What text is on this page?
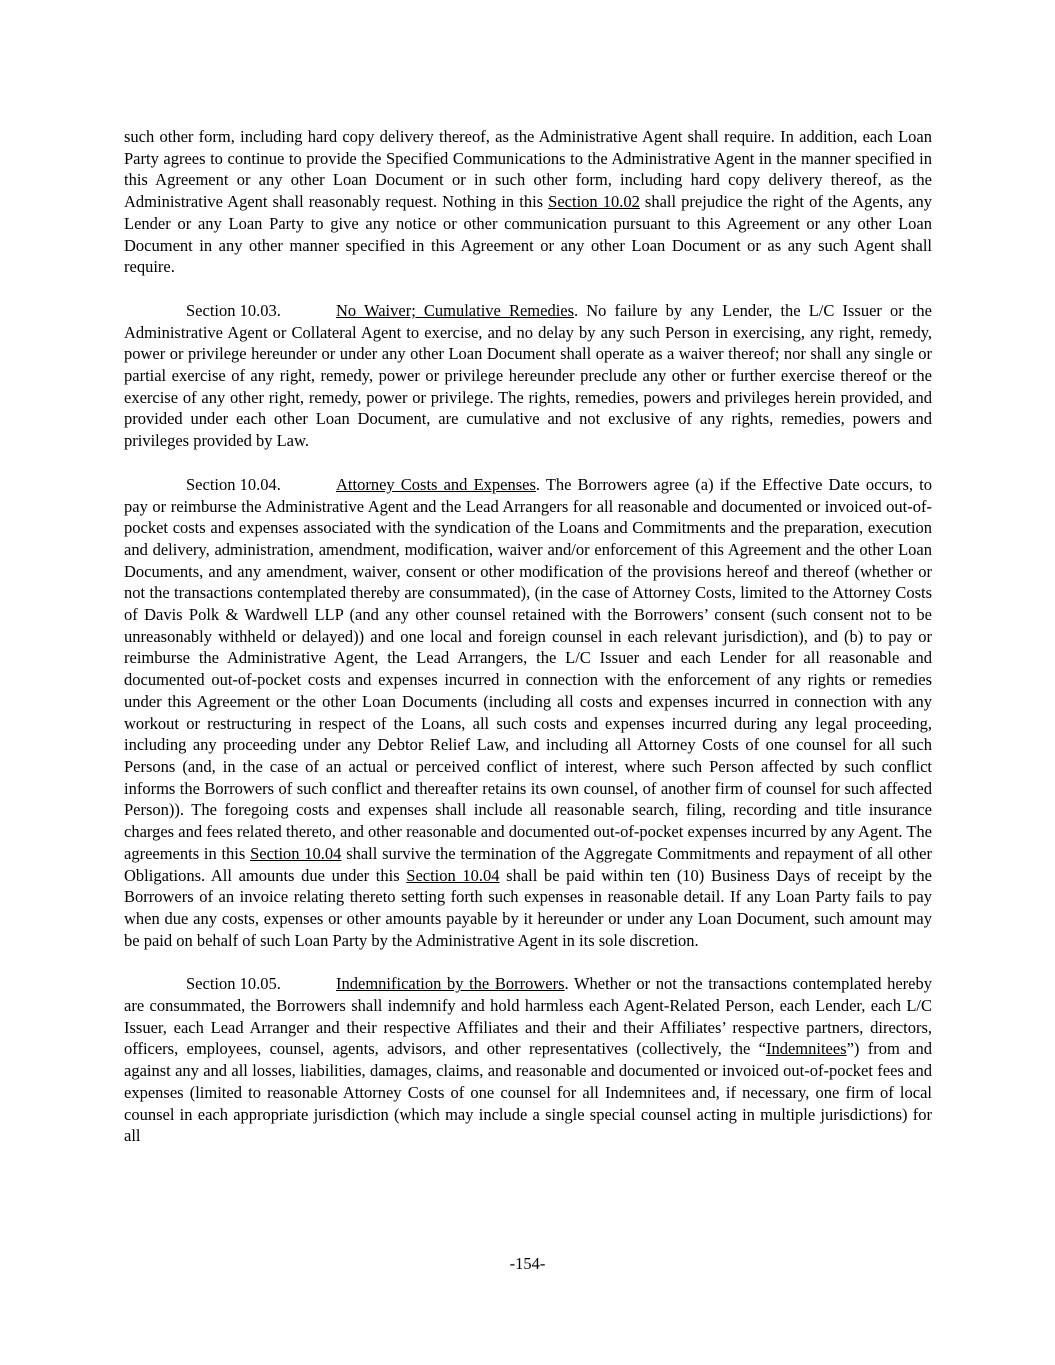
such other form, including hard copy delivery thereof, as the Administrative Agent shall require. In addition, each Loan Party agrees to continue to provide the Specified Communications to the Administrative Agent in the manner specified in this Agreement or any other Loan Document or in such other form, including hard copy delivery thereof, as the Administrative Agent shall reasonably request. Nothing in this Section 10.02 shall prejudice the right of the Agents, any Lender or any Loan Party to give any notice or other communication pursuant to this Agreement or any other Loan Document in any other manner specified in this Agreement or any other Loan Document or as any such Agent shall require.

Section 10.03.	No Waiver; Cumulative Remedies. No failure by any Lender, the L/C Issuer or the Administrative Agent or Collateral Agent to exercise, and no delay by any such Person in exercising, any right, remedy, power or privilege hereunder or under any other Loan Document shall operate as a waiver thereof; nor shall any single or partial exercise of any right, remedy, power or privilege hereunder preclude any other or further exercise thereof or the exercise of any other right, remedy, power or privilege. The rights, remedies, powers and privileges herein provided, and provided under each other Loan Document, are cumulative and not exclusive of any rights, remedies, powers and privileges provided by Law.

Section 10.04.	Attorney Costs and Expenses. The Borrowers agree (a) if the Effective Date occurs, to pay or reimburse the Administrative Agent and the Lead Arrangers for all reasonable and documented or invoiced out-of-pocket costs and expenses associated with the syndication of the Loans and Commitments and the preparation, execution and delivery, administration, amendment, modification, waiver and/or enforcement of this Agreement and the other Loan Documents, and any amendment, waiver, consent or other modification of the provisions hereof and thereof (whether or not the transactions contemplated thereby are consummated), (in the case of Attorney Costs, limited to the Attorney Costs of Davis Polk & Wardwell LLP (and any other counsel retained with the Borrowers’ consent (such consent not to be unreasonably withheld or delayed)) and one local and foreign counsel in each relevant jurisdiction), and (b) to pay or reimburse the Administrative Agent, the Lead Arrangers, the L/C Issuer and each Lender for all reasonable and documented out-of-pocket costs and expenses incurred in connection with the enforcement of any rights or remedies under this Agreement or the other Loan Documents (including all costs and expenses incurred in connection with any workout or restructuring in respect of the Loans, all such costs and expenses incurred during any legal proceeding, including any proceeding under any Debtor Relief Law, and including all Attorney Costs of one counsel for all such Persons (and, in the case of an actual or perceived conflict of interest, where such Person affected by such conflict informs the Borrowers of such conflict and thereafter retains its own counsel, of another firm of counsel for such affected Person)). The foregoing costs and expenses shall include all reasonable search, filing, recording and title insurance charges and fees related thereto, and other reasonable and documented out-of-pocket expenses incurred by any Agent. The agreements in this Section 10.04 shall survive the termination of the Aggregate Commitments and repayment of all other Obligations. All amounts due under this Section 10.04 shall be paid within ten (10) Business Days of receipt by the Borrowers of an invoice relating thereto setting forth such expenses in reasonable detail. If any Loan Party fails to pay when due any costs, expenses or other amounts payable by it hereunder or under any Loan Document, such amount may be paid on behalf of such Loan Party by the Administrative Agent in its sole discretion.

Section 10.05.	Indemnification by the Borrowers. Whether or not the transactions contemplated hereby are consummated, the Borrowers shall indemnify and hold harmless each Agent-Related Person, each Lender, each L/C Issuer, each Lead Arranger and their respective Affiliates and their and their Affiliates’ respective partners, directors, officers, employees, counsel, agents, advisors, and other representatives (collectively, the “Indemnitees”) from and against any and all losses, liabilities, damages, claims, and reasonable and documented or invoiced out-of-pocket fees and expenses (limited to reasonable Attorney Costs of one counsel for all Indemnitees and, if necessary, one firm of local counsel in each appropriate jurisdiction (which may include a single special counsel acting in multiple jurisdictions) for all

-154-
